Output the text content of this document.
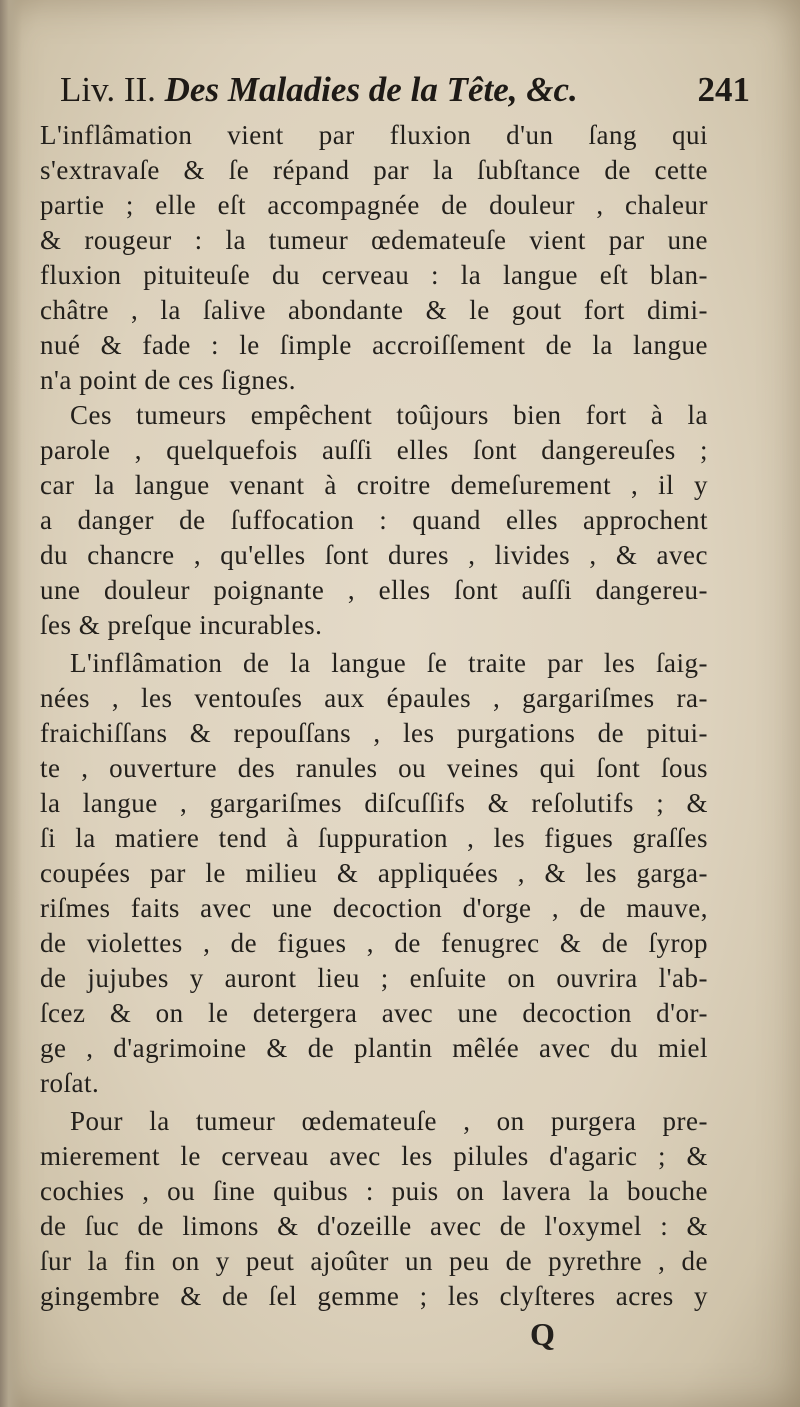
Liv. II. Des Maladies de la Tête, &c.	241
L'inflâmation vient par fluxion d'un ſang qui
s'extravaſe & ſe répand par la ſubſtance de cette
partie ; elle eſt accompagnée de douleur , chaleur
& rougeur : la tumeur œdemateuſe vient par une
fluxion pituiteuſe du cerveau : la langue eſt blan-
châtre , la ſalive abondante & le gout fort dimi-
nué & fade : le ſimple accroiſſement de la langue
n'a point de ces ſignes.
Ces tumeurs empêchent toûjours bien fort à la
parole , quelquefois auſſi elles ſont dangereuſes ;
car la langue venant à croitre demeſurement , il y
a danger de ſuffocation : quand elles approchent
du chancre , qu'elles ſont dures , livides , & avec
une douleur poignante , elles ſont auſſi dangereu-
ſes & preſque incurables.
L'inflâmation de la langue ſe traite par les ſaig-
nées , les ventouſes aux épaules , gargariſmes ra-
fraichiſſans & repouſſans , les purgations de pitui-
te , ouverture des ranules ou veines qui ſont ſous
la langue , gargariſmes diſcuſſifs & reſolutifs ; &
ſi la matiere tend à ſuppuration , les figues graſſes
coupées par le milieu & appliquées , & les garga-
riſmes faits avec une decoction d'orge , de mauve,
de violettes , de figues , de fenugrec & de ſyrop
de jujubes y auront lieu ; enſuite on ouvrira l'ab-
ſcez & on le detergera avec une decoction d'or-
ge , d'agrimoine & de plantin mêlée avec du miel
roſat.
Pour la tumeur œdemateuſe , on purgera pre-
mierement le cerveau avec les pilules d'agaric ; &
cochies , ou ſine quibus : puis on lavera la bouche
de ſuc de limons & d'ozeille avec de l'oxymel : &
ſur la fin on y peut ajoûter un peu de pyrethre , de
gingembre & de ſel gemme ; les clyſteres acres y
Q
